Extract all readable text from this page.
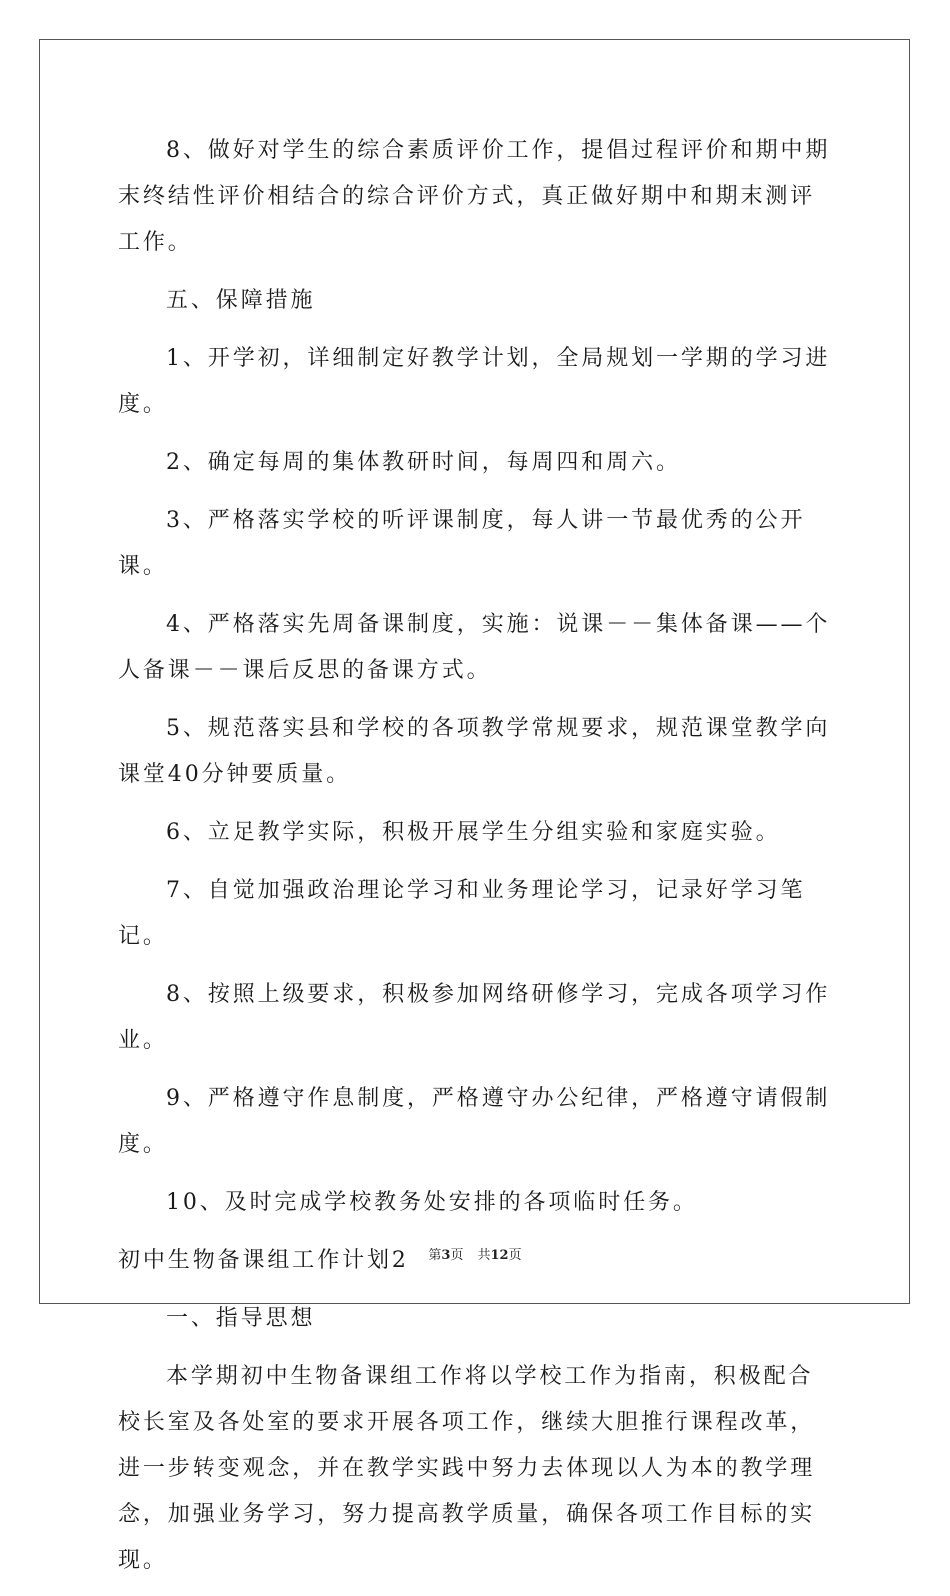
8、做好对学生的综合素质评价工作，提倡过程评价和期中期末终结性评价相结合的综合评价方式，真正做好期中和期末测评工作。

五、保障措施

1、开学初，详细制定好教学计划，全局规划一学期的学习进度。

2、确定每周的集体教研时间，每周四和周六。

3、严格落实学校的听评课制度，每人讲一节最优秀的公开课。

4、严格落实先周备课制度，实施：说课－－集体备课——个人备课－－课后反思的备课方式。

5、规范落实县和学校的各项教学常规要求，规范课堂教学向课堂40分钟要质量。

6、立足教学实际，积极开展学生分组实验和家庭实验。

7、自觉加强政治理论学习和业务理论学习，记录好学习笔记。

8、按照上级要求，积极参加网络研修学习，完成各项学习作业。

9、严格遵守作息制度，严格遵守办公纪律，严格遵守请假制度。

10、及时完成学校教务处安排的各项临时任务。

初中生物备课组工作计划2

一、指导思想

本学期初中生物备课组工作将以学校工作为指南，积极配合校长室及各处室的要求开展各项工作，继续大胆推行课程改革，进一步转变观念，并在教学实践中努力去体现以人为本的教学理念，加强业务学习，努力提高教学质量，确保各项工作目标的实现。

第3页 共12页
